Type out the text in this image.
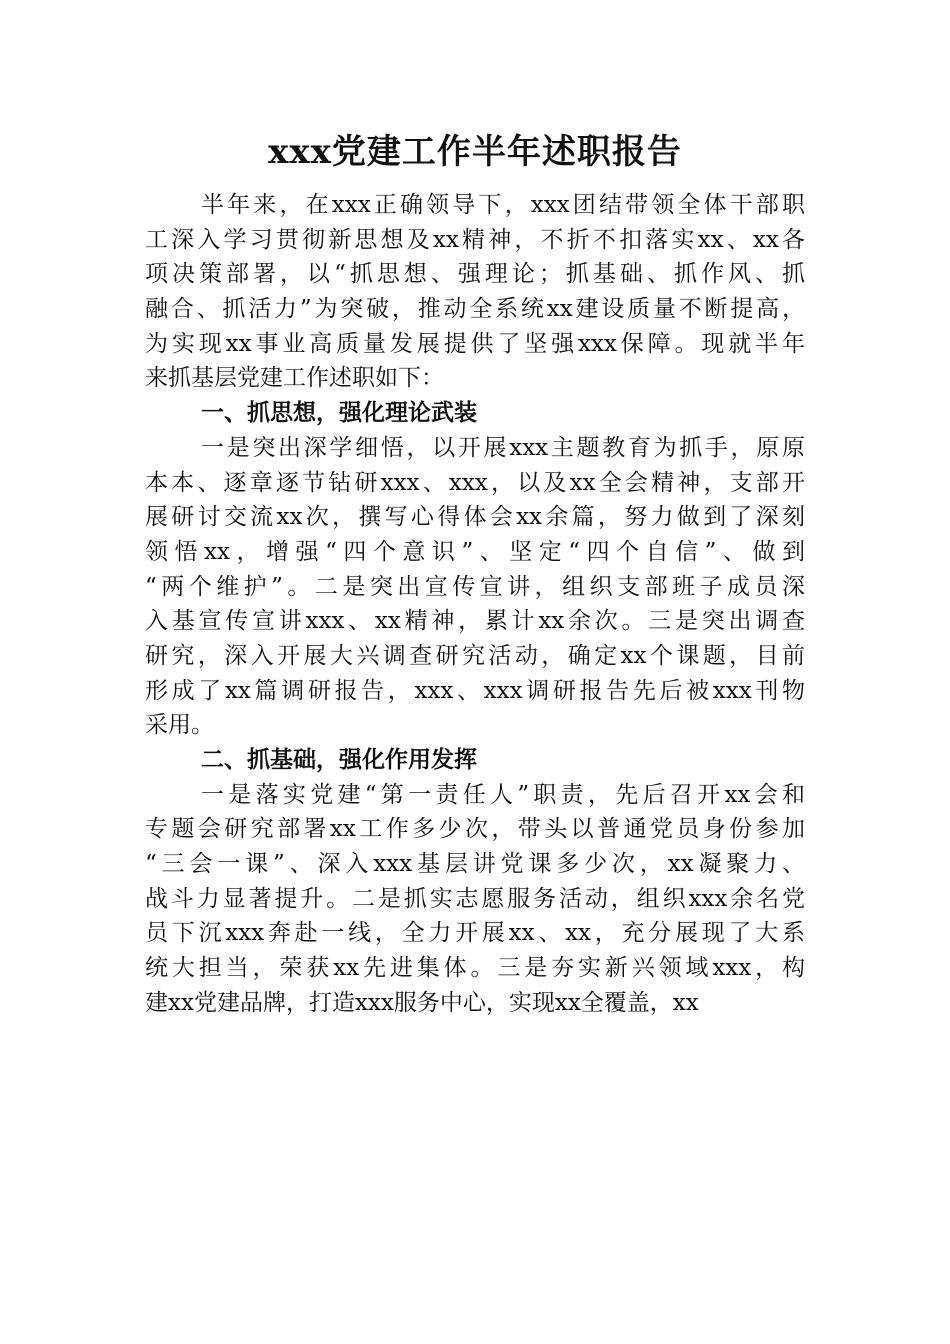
xxx党建工作半年述职报告
半年来，在xxx正确领导下，xxx团结带领全体干部职
工深入学习贯彻新思想及xx精神，不折不扣落实xx、xx各
项决策部署，以“抓思想、强理论；抓基础、抓作风、抓
融合、抓活力”为突破，推动全系统xx建设质量不断提高，
为实现xx事业高质量发展提供了坚强xxx保障。现就半年
来抓基层党建工作述职如下：
一、抓思想，强化理论武装
一是突出深学细悟，以开展xxx主题教育为抓手，原原
本本、逐章逐节钻研xxx、xxx，以及xx全会精神，支部开
展研讨交流xx次，撰写心得体会xx余篇，努力做到了深刻
领悟xx，增强“四个意识”、坚定“四个自信”、做到
“两个维护”。二是突出宣传宣讲，组织支部班子成员深
入基宣传宣讲xxx、xx精神，累计xx余次。三是突出调查
研究，深入开展大兴调查研究活动，确定xx个课题，目前
形成了xx篇调研报告，xxx、xxx调研报告先后被xxx刊物
采用。
二、抓基础，强化作用发挥
一是落实党建“第一责任人”职责，先后召开xx会和
专题会研究部署xx工作多少次，带头以普通党员身份参加
“三会一课”、深入xxx基层讲党课多少次，xx凝聚力、
战斗力显著提升。二是抓实志愿服务活动，组织xxx余名党
员下沉xxx奔赴一线，全力开展xx、xx，充分展现了大系
统大担当，荣获xx先进集体。三是夯实新兴领域xxx，构
建xx党建品牌，打造xxx服务中心，实现xx全覆盖，xx
